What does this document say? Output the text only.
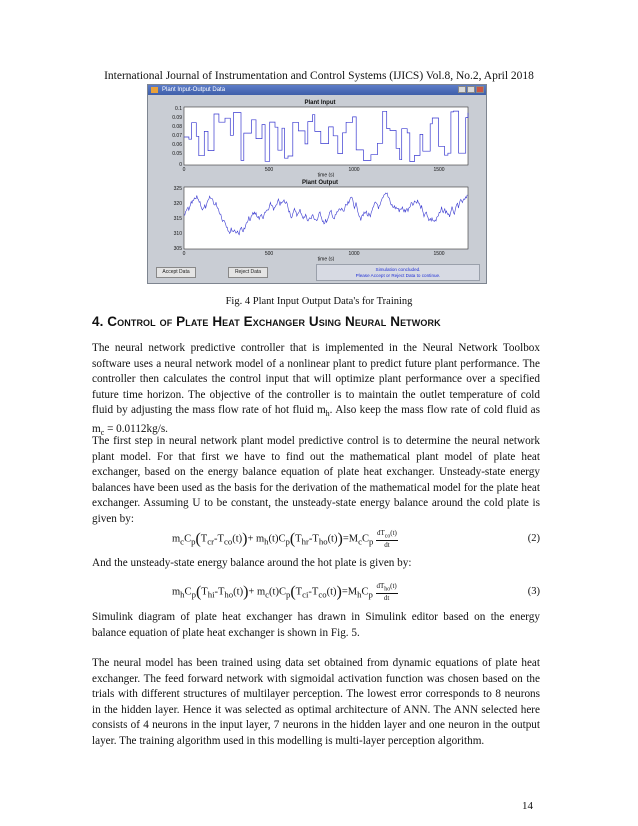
International Journal of Instrumentation and Control Systems (IJICS) Vol.8, No.2, April 2018
Plant Input-Output Data
Plant Input
0.1
0.09
0.08
0.07
0.06
0.05
0
0	500	1000	1500
time (s)
Plant Output
325
320
315
310
305
0	500	1000	1500
time (s)
Accept Data	Reject Data	Simulation concluded.
Please Accept or Reject Data to continue.
Fig. 4 Plant Input Output Data's for Training
4. Control of Plate Heat Exchanger Using Neural Network

The neural network predictive controller that is implemented in the Neural Network Toolbox software uses a neural network model of a nonlinear plant to predict future plant performance. The controller then calculates the control input that will optimize plant performance over a specified future time horizon. The objective of the controller is to maintain the outlet temperature of cold fluid by adjusting the mass flow rate of hot fluid $m_h$. Also keep the mass flow rate of cold fluid as $m_c = 0.0112kg/s$.

The first step in neural network plant model predictive control is to determine the neural network plant model. For that first we have to find out the mathematical plant model of plate heat exchanger, based on the energy balance equation of plate heat exchanger. Unsteady-state energy balances have been used as the basis for the derivation of the mathematical model for the plate heat exchanger. Assuming U to be constant, the unsteady-state energy balance around the cold plate is given by:

$m_cC_p(T_{cr}-T_{co}(t))+ m_h(t)C_p(T_{hr}-T_{ho}(t))=M_cC_p \frac{dT_{co}(t)}{dt}$	(2)

And the unsteady-state energy balance around the hot plate is given by:

$m_hC_p(T_{hi}-T_{ho}(t))+ m_c(t)C_p(T_{ci}-T_{co}(t))=M_hC_p \frac{dT_{ho}(t)}{dt}$	(3)

Simulink diagram of plate heat exchanger has drawn in Simulink editor based on the energy balance equation of plate heat exchanger is shown in Fig. 5.

The neural model has been trained using data set obtained from dynamic equations of plate heat exchanger. The feed forward network with sigmoidal activation function was chosen based on the trials with different structures of multilayer perception. The lowest error corresponds to 8 neurons in the hidden layer. Hence it was selected as optimal architecture of ANN. The ANN selected here consists of 4 neurons in the input layer, 7 neurons in the hidden layer and one neuron in the output layer. The training algorithm used in this modelling is multi-layer perception algorithm.

14
